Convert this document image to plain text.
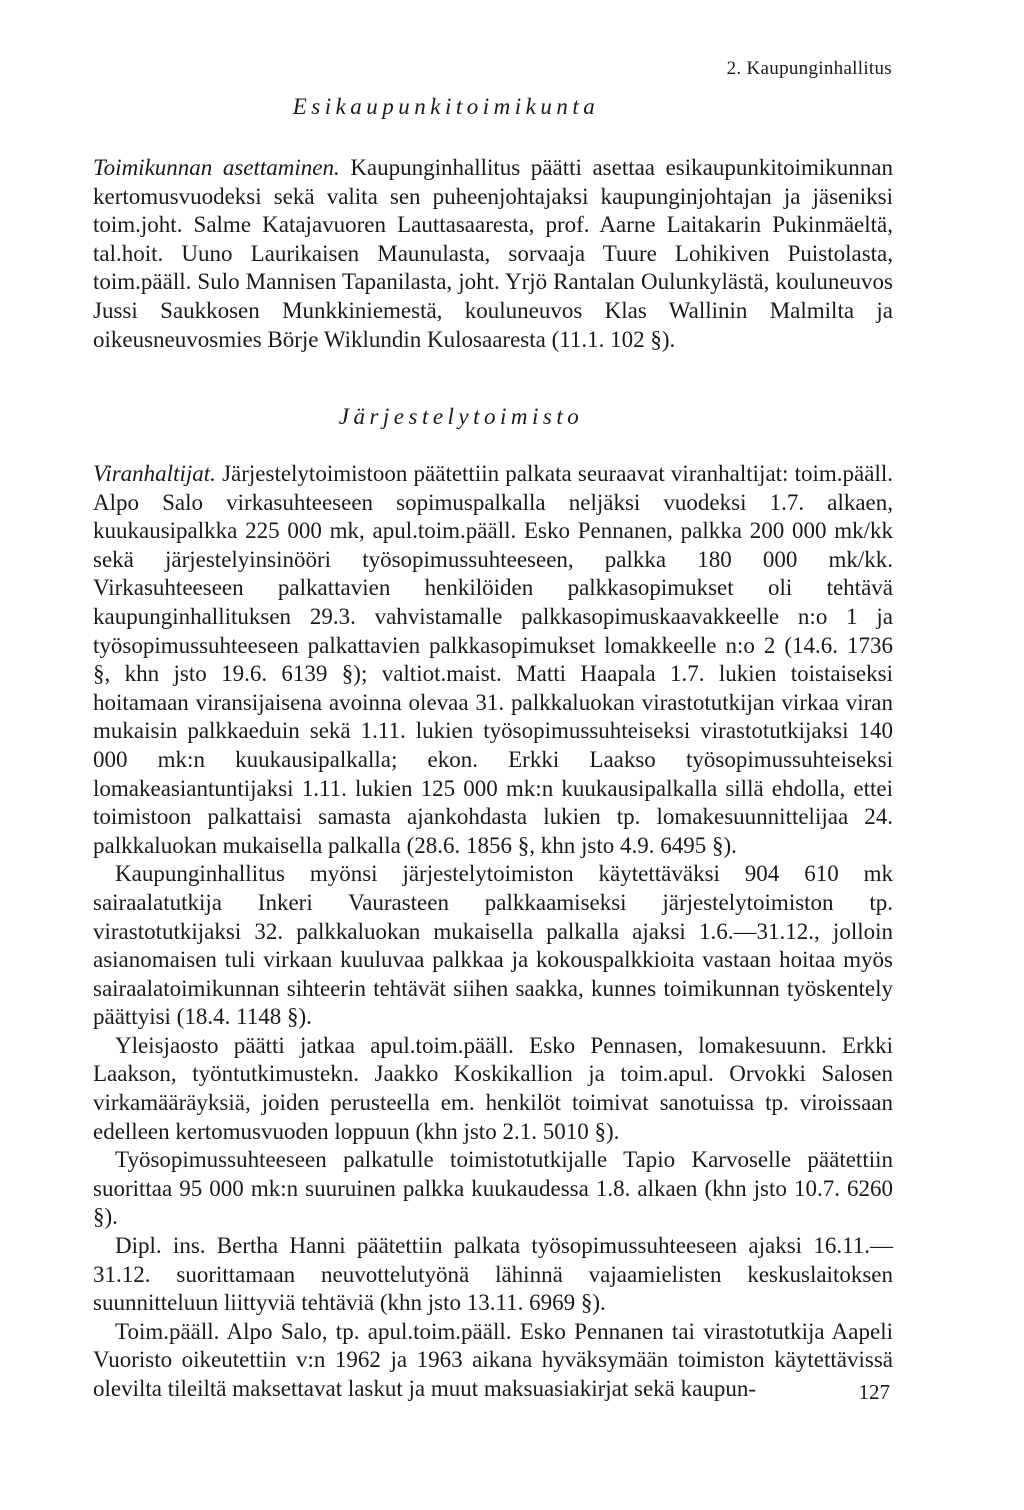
2. Kaupunginhallitus
Esikaupunkitoimikunta

Toimikunnan asettaminen. Kaupunginhallitus päätti asettaa esikaupunkitoimikunnan kertomusvuodeksi sekä valita sen puheenjohtajaksi kaupunginjohtajan ja jäseniksi toim.joht. Salme Katajavuoren Lauttasaaresta, prof. Aarne Laitakarin Pukinmäeltä, tal.hoit. Uuno Laurikaisen Maunulasta, sorvaaja Tuure Lohikiven Puistolasta, toim.pääll. Sulo Mannisen Tapanilasta, joht. Yrjö Rantalan Oulunkylästä, kouluneuvos Jussi Saukkosen Munkkiniemestä, kouluneuvos Klas Wallinin Malmilta ja oikeusneuvosmies Börje Wiklundin Kulosaaresta (11.1. 102 §).

Järjestelytoimisto

Viranhaltijat. Järjestelytoimistoon päätettiin palkata seuraavat viranhaltijat: toim.pääll. Alpo Salo virkasuhteeseen sopimuspalkalla neljäksi vuodeksi 1.7. alkaen, kuukausipalkka 225 000 mk, apul.toim.pääll. Esko Pennanen, palkka 200 000 mk/kk sekä järjestelyinsinööri työsopimussuhteeseen, palkka 180 000 mk/kk. Virkasuhteeseen palkattavien henkilöiden palkkasopimukset oli tehtävä kaupunginhallituksen 29.3. vahvistamalle palkkasopimuskaavakkeelle n:o 1 ja työsopimussuhteeseen palkattavien palkkasopimukset lomakkeelle n:o 2 (14.6. 1736 §, khn jsto 19.6. 6139 §); valtiot.maist. Matti Haapala 1.7. lukien toistaiseksi hoitamaan viransijaisena avoinna olevaa 31. palkkaluokan virastotutkijan virkaa viran mukaisin palkkaeduin sekä 1.11. lukien työsopimussuhteiseksi virastotutkijaksi 140 000 mk:n kuukausipalkalla; ekon. Erkki Laakso työsopimussuhteiseksi lomakeasiantuntijaksi 1.11. lukien 125 000 mk:n kuukausipalkalla sillä ehdolla, ettei toimistoon palkattaisi samasta ajankohdasta lukien tp. lomakesuunnittelijaa 24. palkkaluokan mukaisella palkalla (28.6. 1856 §, khn jsto 4.9. 6495 §).

Kaupunginhallitus myönsi järjestelytoimiston käytettäväksi 904 610 mk sairaalatutkija Inkeri Vaurasteen palkkaamiseksi järjestelytoimiston tp. virastotutkijaksi 32. palkkaluokan mukaisella palkalla ajaksi 1.6.—31.12., jolloin asianomaisen tuli virkaan kuuluvaa palkkaa ja kokouspalkkioita vastaan hoitaa myös sairaalatoimikunnan sihteerin tehtävät siihen saakka, kunnes toimikunnan työskentely päättyisi (18.4. 1148 §).

Yleisjaosto päätti jatkaa apul.toim.pääll. Esko Pennasen, lomakesuunn. Erkki Laakson, työntutkimustekn. Jaakko Koskikallion ja toim.apul. Orvokki Salosen virkamääräyksiä, joiden perusteella em. henkilöt toimivat sanotuissa tp. viroissaan edelleen kertomusvuoden loppuun (khn jsto 2.1. 5010 §).

Työsopimussuhteeseen palkatulle toimistotutkijalle Tapio Karvoselle päätettiin suorittaa 95 000 mk:n suuruinen palkka kuukaudessa 1.8. alkaen (khn jsto 10.7. 6260 §).

Dipl. ins. Bertha Hanni päätettiin palkata työsopimussuhteeseen ajaksi 16.11.—31.12. suorittamaan neuvottelutyönä lähinnä vajaamielisten keskuslaitoksen suunnitteluun liittyviä tehtäviä (khn jsto 13.11. 6969 §).

Toim.pääll. Alpo Salo, tp. apul.toim.pääll. Esko Pennanen tai virastotutkija Aapeli Vuoristo oikeutettiin v:n 1962 ja 1963 aikana hyväksymään toimiston käytettävissä olevilta tileiltä maksettavat laskut ja muut maksuasiakirjat sekä kaupun-	127
